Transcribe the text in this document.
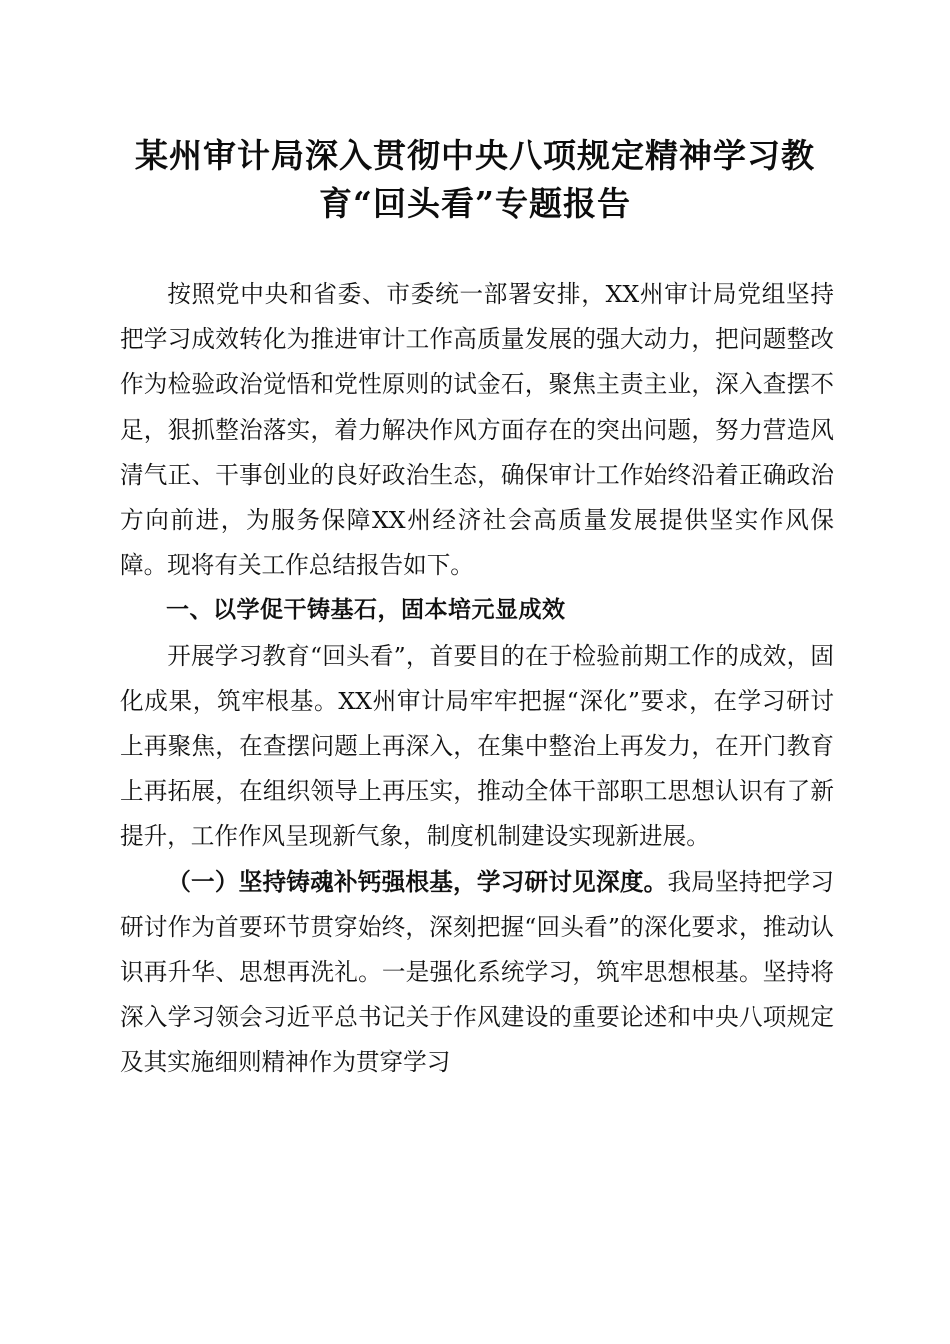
某州审计局深入贯彻中央八项规定精神学习教
育“回头看”专题报告

按照党中央和省委、市委统一部署安排，XX州审计局党组坚持把学习成效转化为推进审计工作高质量发展的强大动力，把问题整改作为检验政治觉悟和党性原则的试金石，聚焦主责主业，深入查摆不足，狠抓整治落实，着力解决作风方面存在的突出问题，努力营造风清气正、干事创业的良好政治生态，确保审计工作始终沿着正确政治方向前进，为服务保障XX州经济社会高质量发展提供坚实作风保障。现将有关工作总结报告如下。

一、以学促干铸基石，固本培元显成效

开展学习教育“回头看”，首要目的在于检验前期工作的成效，固化成果，筑牢根基。XX州审计局牢牢把握“深化”要求，在学习研讨上再聚焦，在查摆问题上再深入，在集中整治上再发力，在开门教育上再拓展，在组织领导上再压实，推动全体干部职工思想认识有了新提升，工作作风呈现新气象，制度机制建设实现新进展。

（一）坚持铸魂补钙强根基，学习研讨见深度。我局坚持把学习研讨作为首要环节贯穿始终，深刻把握“回头看”的深化要求，推动认识再升华、思想再洗礼。一是强化系统学习，筑牢思想根基。坚持将深入学习领会习近平总书记关于作风建设的重要论述和中央八项规定及其实施细则精神作为贯穿学习
